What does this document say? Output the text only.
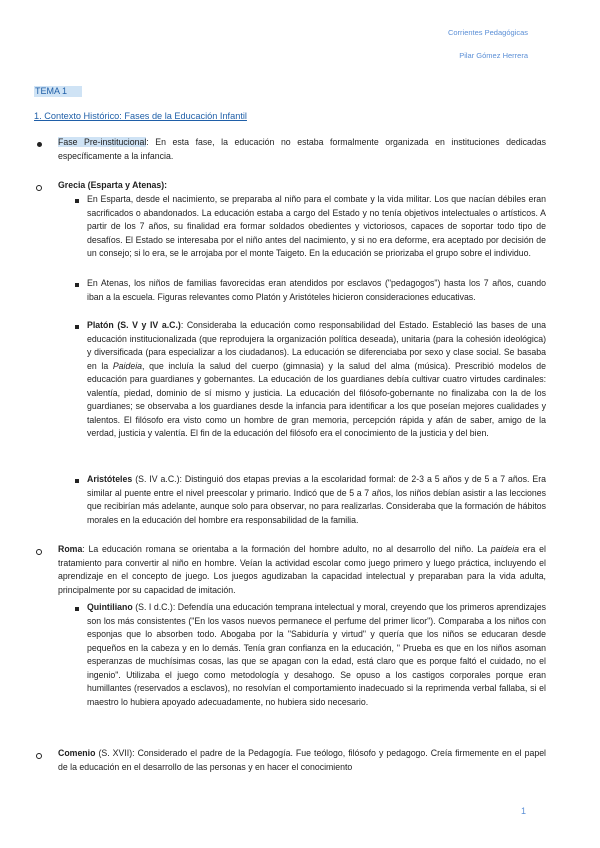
Corrientes Pedagógicas
Pilar Gómez Herrera
TEMA 1
1. Contexto Histórico: Fases de la Educación Infantil
Fase Pre-institucional: En esta fase, la educación no estaba formalmente organizada en instituciones dedicadas específicamente a la infancia.
Grecia (Esparta y Atenas):
En Esparta, desde el nacimiento, se preparaba al niño para el combate y la vida militar. Los que nacían débiles eran sacrificados o abandonados. La educación estaba a cargo del Estado y no tenía objetivos intelectuales o artísticos. A partir de los 7 años, su finalidad era formar soldados obedientes y victoriosos, capaces de soportar todo tipo de desafíos. El Estado se interesaba por el niño antes del nacimiento, y si no era deforme, era aceptado por decisión de un consejo; si lo era, se le arrojaba por el monte Taigeto. En la educación se priorizaba el grupo sobre el individuo.
En Atenas, los niños de familias favorecidas eran atendidos por esclavos ("pedagogos") hasta los 7 años, cuando iban a la escuela. Figuras relevantes como Platón y Aristóteles hicieron consideraciones educativas.
Platón (S. V y IV a.C.): Consideraba la educación como responsabilidad del Estado. Estableció las bases de una educación institucionalizada (que reprodujera la organización política deseada), unitaria (para la cohesión ideológica) y diversificada (para especializar a los ciudadanos). La educación se diferenciaba por sexo y clase social. Se basaba en la Paideia, que incluía la salud del cuerpo (gimnasia) y la salud del alma (música). Prescribió modelos de educación para guardianes y gobernantes. La educación de los guardianes debía cultivar cuatro virtudes cardinales: valentía, piedad, dominio de sí mismo y justicia. La educación del filósofo-gobernante no finalizaba con la de los guardianes; se observaba a los guardianes desde la infancia para identificar a los que poseían mejores cualidades y talentos. El filósofo era visto como un hombre de gran memoria, percepción rápida y afán de saber, amigo de la verdad, justicia y valentía. El fin de la educación del filósofo era el conocimiento de la justicia y del bien.
Aristóteles (S. IV a.C.): Distinguió dos etapas previas a la escolaridad formal: de 2-3 a 5 años y de 5 a 7 años. Era similar al puente entre el nivel preescolar y primario. Indicó que de 5 a 7 años, los niños debían asistir a las lecciones que recibirían más adelante, aunque solo para observar, no para realizarlas. Consideraba que la formación de hábitos morales en la educación del hombre era responsabilidad de la familia.
Roma: La educación romana se orientaba a la formación del hombre adulto, no al desarrollo del niño. La paideia era el tratamiento para convertir al niño en hombre. Veían la actividad escolar como juego primero y luego práctica, incluyendo el aprendizaje en el concepto de juego. Los juegos agudizaban la capacidad intelectual y preparaban para la vida adulta, principalmente por su capacidad de imitación.
Quintiliano (S. I d.C.): Defendía una educación temprana intelectual y moral, creyendo que los primeros aprendizajes son los más consistentes ("En los vasos nuevos permanece el perfume del primer licor"). Comparaba a los niños con esponjas que lo absorben todo. Abogaba por la "Sabiduría y virtud" y quería que los niños se educaran desde pequeños en la cabeza y en lo demás. Tenía gran confianza en la educación, " Prueba es que en los niños asoman esperanzas de muchísimas cosas, las que se apagan con la edad, está claro que es porque faltó el cuidado, no el ingenio". Utilizaba el juego como metodología y desahogo. Se opuso a los castigos corporales porque eran humillantes (reservados a esclavos), no resolvían el comportamiento inadecuado si la reprimenda verbal fallaba, si el maestro lo hubiera apoyado adecuadamente, no hubiera sido necesario.
Comenio (S. XVII): Considerado el padre de la Pedagogía. Fue teólogo, filósofo y pedagogo. Creía firmemente en el papel de la educación en el desarrollo de las personas y en hacer el conocimiento
1
